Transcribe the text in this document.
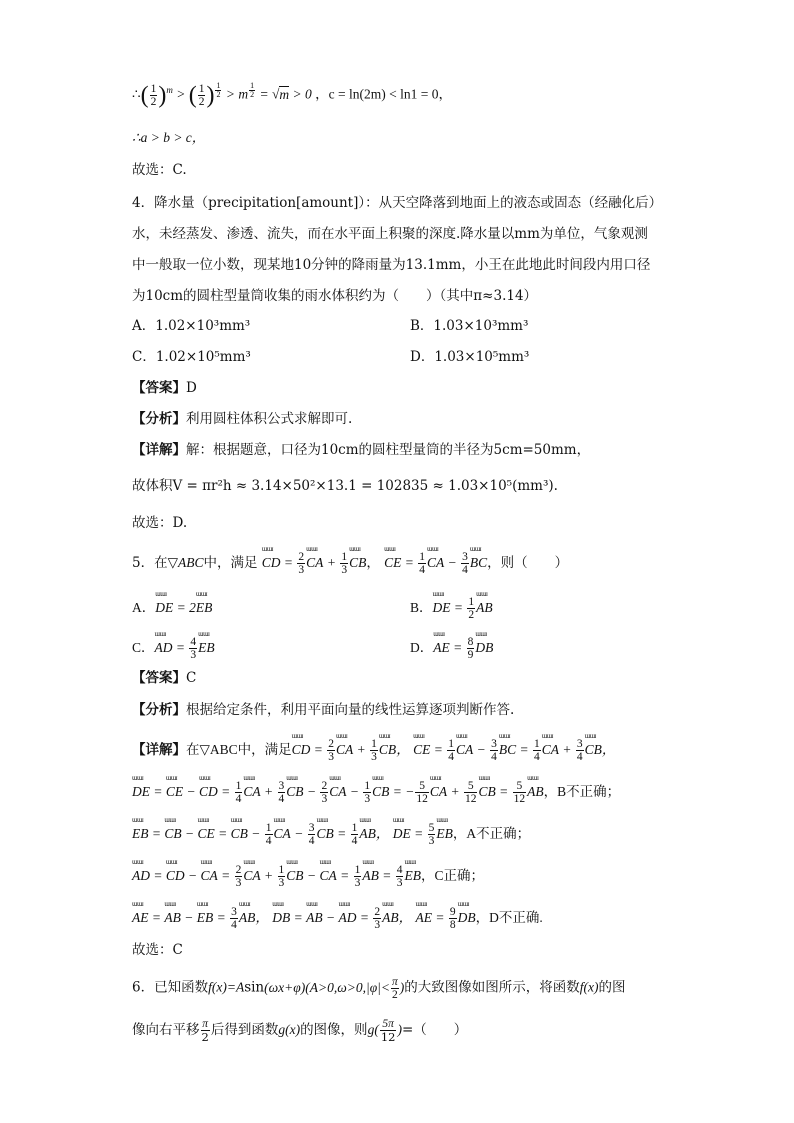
∴( $\frac{1}{2} )^m$ > ( $\frac{1}{2}$ ) $^{\frac{1}{2}}$ > m $^{\frac{1}{2}}$ = √m > 0 ，c = ln(2m) < ln1 = 0，
∴a > b > c，
故选：C.
4．降水量（precipitation[amount]）：从天空降落到地面上的液态或固态（经融化后）
水，未经蒸发、渗透、流失，而在水平面上积聚的深度.降水量以mm为单位，气象观测
中一般取一位小数，现某地10分钟的降雨量为13.1mm，小王在此地此时间段内用口径
为10cm的圆柱型量筒收集的雨水体积约为（　　）（其中π≈3.14）
A．1.02×10³mm³	B．1.03×10³mm³
C．1.02×10⁵mm³	D．1.03×10⁵mm³
【答案】D
【分析】利用圆柱体积公式求解即可.
【详解】解：根据题意，口径为10cm的圆柱型量筒的半径为5cm=50mm，
故体积V = πr²h ≈ 3.14×50²×13.1 = 102835 ≈ 1.03×10⁵(mm³).
故选：D.
5．在▽ABC中，满足 ɯɯɪ CD = $\frac{2}{3}$ ɯɯɪ CA + $\frac{1}{3}$ ɯɯɪ CB， ɯɯɪ CE = $\frac{1}{4}$ ɯɯɪ CA − $\frac{3}{4}$ ɯɯɪ BC，则（　　）
A．ɯɯɪ DE = 2ɯɯɪ EB	B．ɯɯɪ DE = $\frac{1}{2}$ ɯɯɪ AB
C．ɯɯɪ AD = $\frac{4}{3}$ ɯɯɪ EB	D．ɯɯɪ AE = $\frac{8}{9}$ ɯɯɪ DB
【答案】C
【分析】根据给定条件，利用平面向量的线性运算逐项判断作答.
【详解】在▽ABC中，满足ɯɯɪ CD = $\frac{2}{3}$ ɯɯɪ CA + $\frac{1}{3}$ ɯɯɪ CB， ɯɯɪ CE = $\frac{1}{4}$ ɯɯɪ CA − $\frac{3}{4}$ ɯɯɪ BC = $\frac{1}{4}$ ɯɯɪ CA + $\frac{3}{4}$ ɯɯɪ CB，
ɯɯɪ DE = ɯɯɪ CE − ɯɯɪ CD = $\frac{1}{4}$ ɯɯɪ CA + $\frac{3}{4}$ ɯɯɪ CB − $\frac{2}{3}$ ɯɯɪ CA − $\frac{1}{3}$ ɯɯɪ CB = − $\frac{5}{12}$ ɯɯɪ CA + $\frac{5}{12}$ ɯɯɪ CB = $\frac{5}{12}$ ɯɯɪ AB，B不正确；
ɯɯɪ EB = ɯɯɪ CB − ɯɯɪ CE = ɯɯɪ CB − $\frac{1}{4}$ ɯɯɪ CA − $\frac{3}{4}$ ɯɯɪ CB = $\frac{1}{4}$ ɯɯɪ AB， ɯɯɪ DE = $\frac{5}{3}$ ɯɯɪ EB，A不正确；
ɯɯɪ AD = ɯɯɪ CD − ɯɯɪ CA = $\frac{2}{3}$ ɯɯɪ CA + $\frac{1}{3}$ ɯɯɪ CB − ɯɯɪ CA = $\frac{1}{3}$ ɯɯɪ AB = $\frac{4}{3}$ ɯɯɪ EB，C正确；
ɯɯɪ AE = ɯɯɪ AB − ɯɯɪ EB = $\frac{3}{4}$ ɯɯɪ AB， ɯɯɪ DB = ɯɯɪ AB − ɯɯɪ AD = $\frac{2}{3}$ ɯɯɪ AB， ɯɯɪ AE = $\frac{9}{8}$ ɯɯɪ DB，D不正确.
故选：C
6．已知函数$f(x)=Asin(\omega x+\varphi)(A>0,\omega>0,|\varphi|< \frac{\pi}{2}$ )的大致图像如图所示，将函数f(x)的图
像向右平移 $\frac{\pi}{2}$ 后得到函数g(x)的图像，则$g( \frac{5\pi}{12}$ )=（　　）
